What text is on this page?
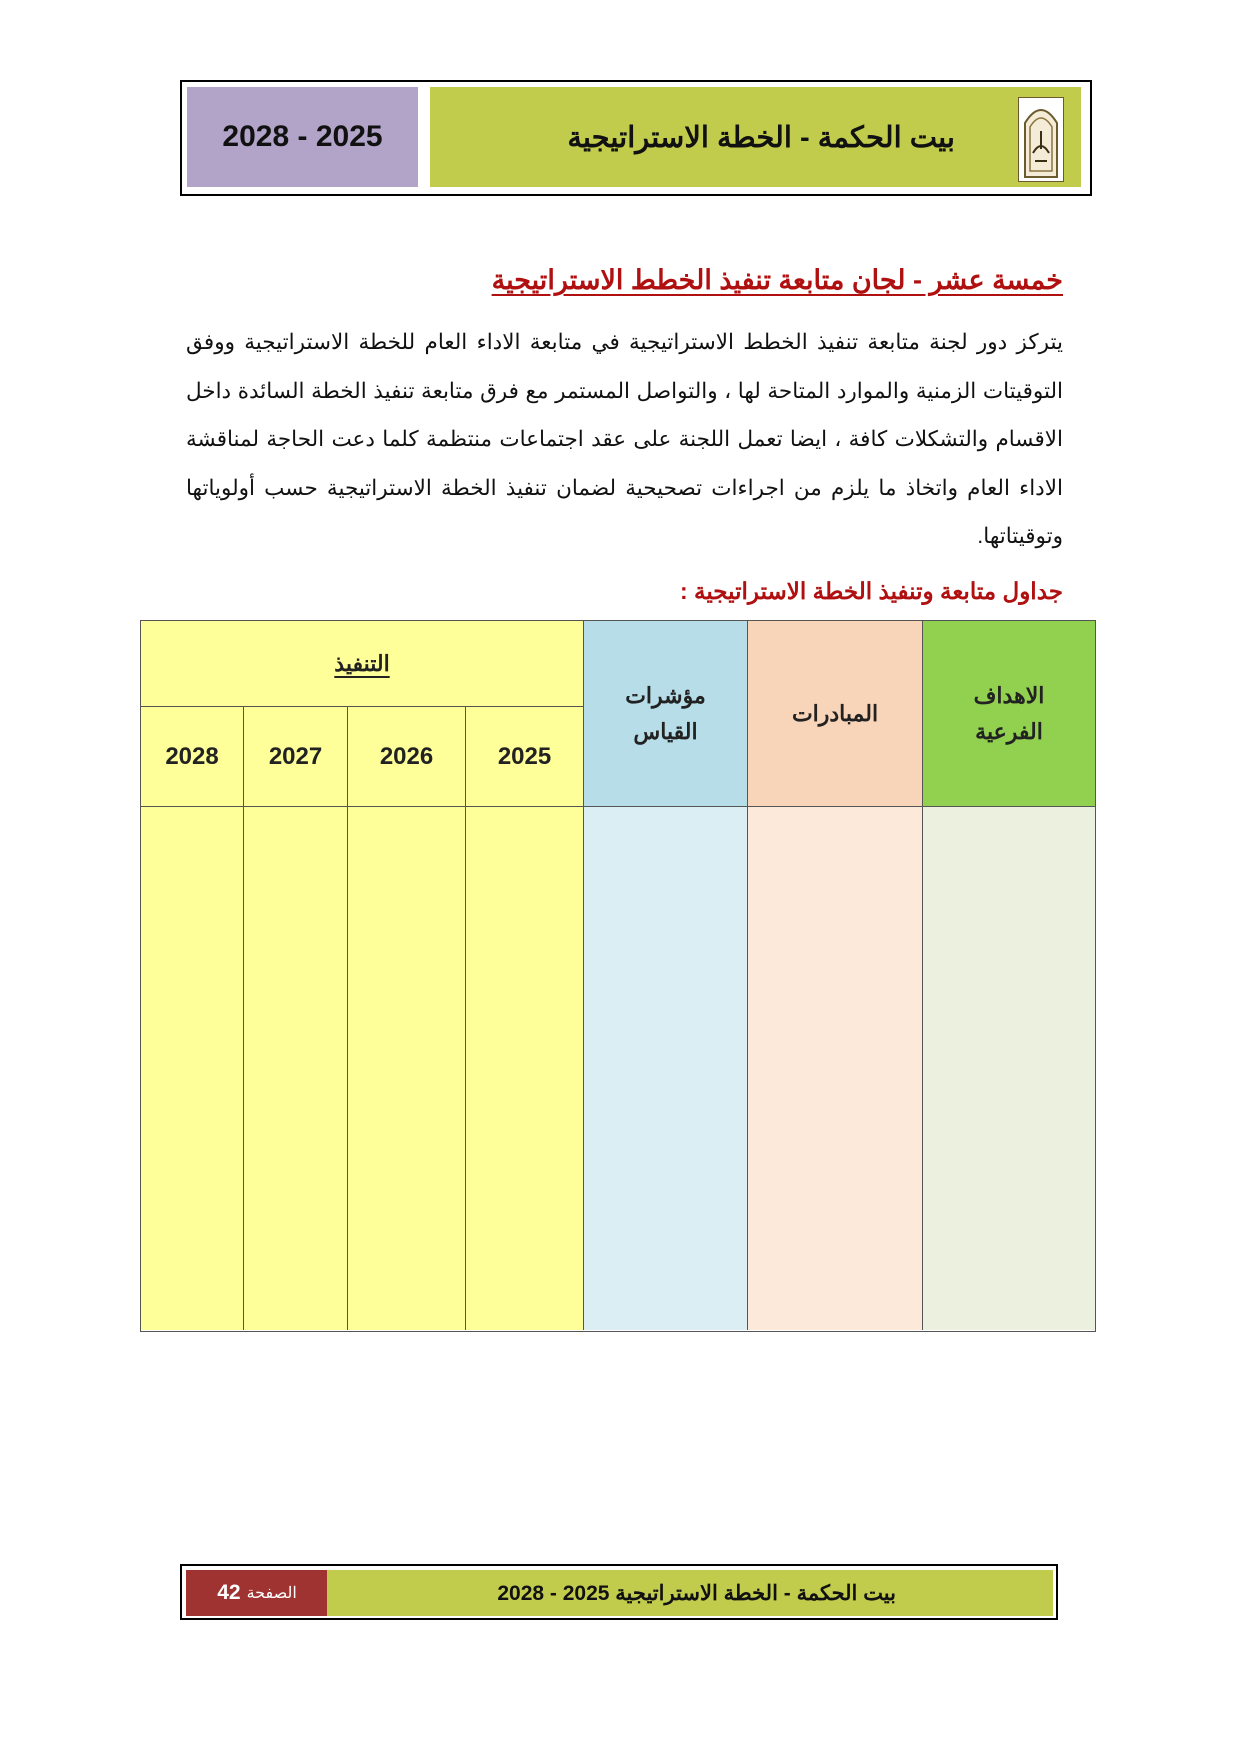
2028 - 2025	بيت الحكمة - الخطة الاستراتيجية
خمسة عشر - لجان متابعة تنفيذ الخطط الاستراتيجية

يتركز دور لجنة متابعة تنفيذ الخطط الاستراتيجية في متابعة الاداء العام للخطة الاستراتيجية ووفق التوقيتات الزمنية والموارد المتاحة لها ، والتواصل المستمر مع فرق متابعة تنفيذ الخطة السائدة داخل الاقسام والتشكلات كافة ، ايضا تعمل اللجنة على عقد اجتماعات منتظمة كلما دعت الحاجة لمناقشة الاداء العام واتخاذ ما يلزم من اجراءات تصحيحية لضمان تنفيذ الخطة الاستراتيجية حسب أولوياتها وتوقيتاتها.

جداول متابعة وتنفيذ الخطة الاستراتيجية :
الاهداف الفرعية
المبادرات
مؤشرات القياس
التنفيذ
2025
2026
2027
2028
الصفحة
42	بيت الحكمة - الخطة الاستراتيجية 2025 - 2028
